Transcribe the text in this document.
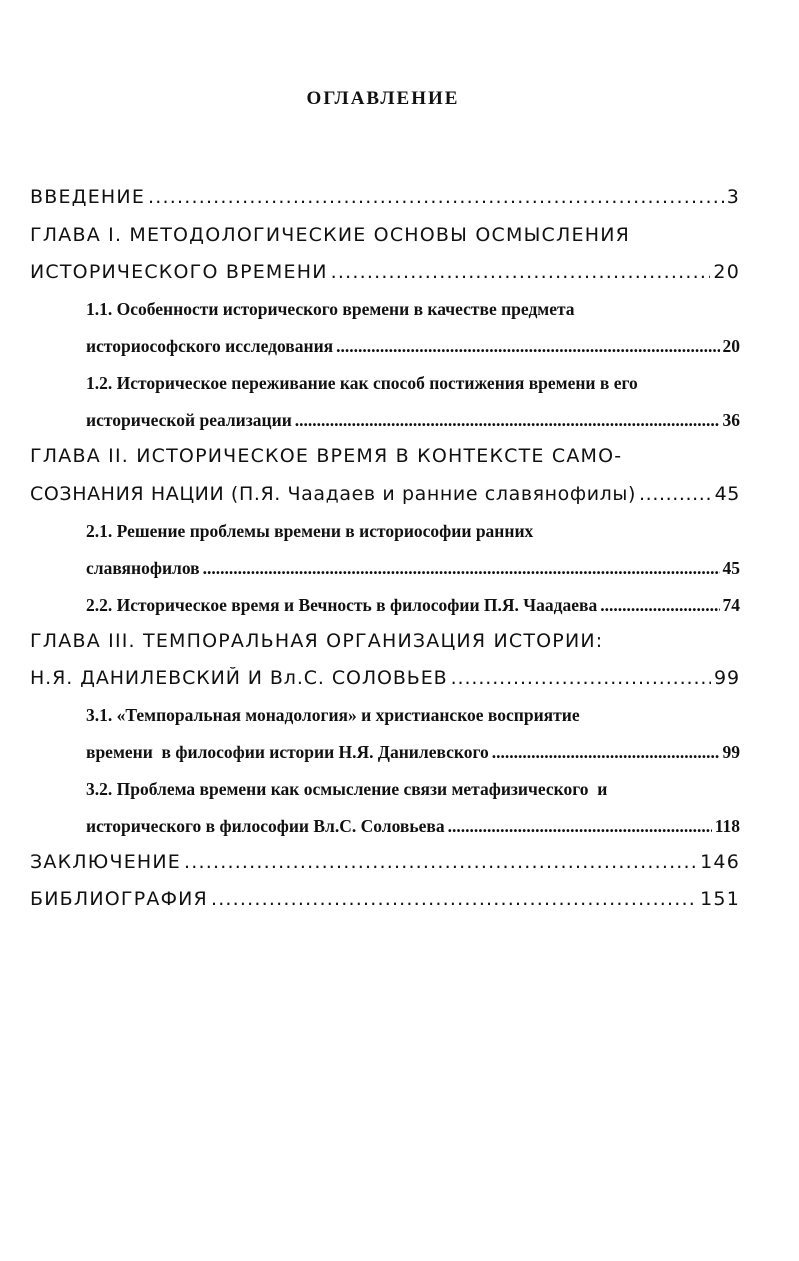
ОГЛАВЛЕНИЕ
ВВЕДЕНИЕ .....	3
ГЛАВА I. МЕТОДОЛОГИЧЕСКИЕ ОСНОВЫ ОСМЫСЛЕНИЯ
ИСТОРИЧЕСКОГО ВРЕМЕНИ .....	20
1.1. Особенности исторического времени в качестве предмета
историософского исследования .....	20
1.2. Историческое переживание как способ постижения времени в его
исторической реализации .....	36
ГЛАВА II. ИСТОРИЧЕСКОЕ ВРЕМЯ В КОНТЕКСТЕ САМО-
СОЗНАНИЯ НАЦИИ (П.Я. Чаадаев и ранние славянофилы) .....	45
2.1. Решение проблемы времени в историософии ранних
славянофилов .....	45
2.2. Историческое время и Вечность в философии П.Я. Чаадаева .....	74
ГЛАВА III. ТЕМПОРАЛЬНАЯ ОРГАНИЗАЦИЯ ИСТОРИИ:
Н.Я. ДАНИЛЕВСКИЙ И Вл.С. СОЛОВЬЕВ .....	99
3.1. «Темпоральная монадология» и христианское восприятие
времени  в философии истории Н.Я. Данилевского .....	99
3.2. Проблема времени как осмысление связи метафизического  и
исторического в философии Вл.С. Соловьева .....	118
ЗАКЛЮЧЕНИЕ .....	146
БИБЛИОГРАФИЯ .....	151
